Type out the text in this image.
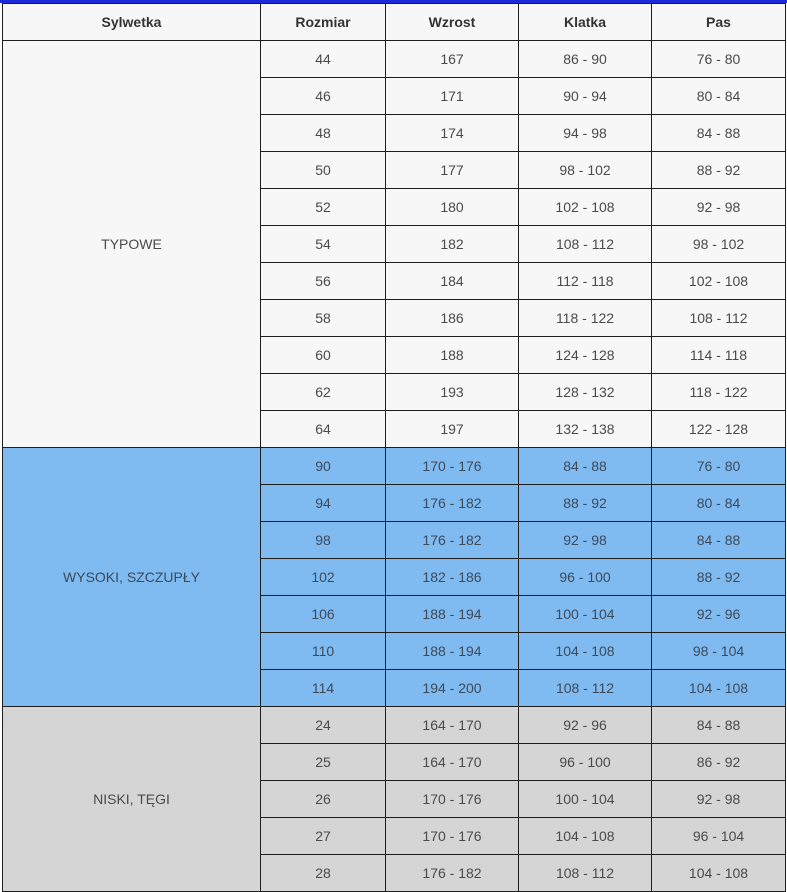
Sylwetka	Rozmiar	Wzrost	Klatka	Pas
TYPOWE	44	167	86 - 90	76 - 80
	46	171	90 - 94	80 - 84
	48	174	94 - 98	84 - 88
	50	177	98 - 102	88 - 92
	52	180	102 - 108	92 - 98
	54	182	108 - 112	98 - 102
	56	184	112 - 118	102 - 108
	58	186	118 - 122	108 - 112
	60	188	124 - 128	114 - 118
	62	193	128 - 132	118 - 122
	64	197	132 - 138	122 - 128
WYSOKI, SZCZUPŁY	90	170 - 176	84 - 88	76 - 80
	94	176 - 182	88 - 92	80 - 84
	98	176 - 182	92 - 98	84 - 88
	102	182 - 186	96 - 100	88 - 92
	106	188 - 194	100 - 104	92 - 96
	110	188 - 194	104 - 108	98 - 104
	114	194 - 200	108 - 112	104 - 108
NISKI, TĘGI	24	164 - 170	92 - 96	84 - 88
	25	164 - 170	96 - 100	86 - 92
	26	170 - 176	100 - 104	92 - 98
	27	170 - 176	104 - 108	96 - 104
	28	176 - 182	108 - 112	104 - 108
